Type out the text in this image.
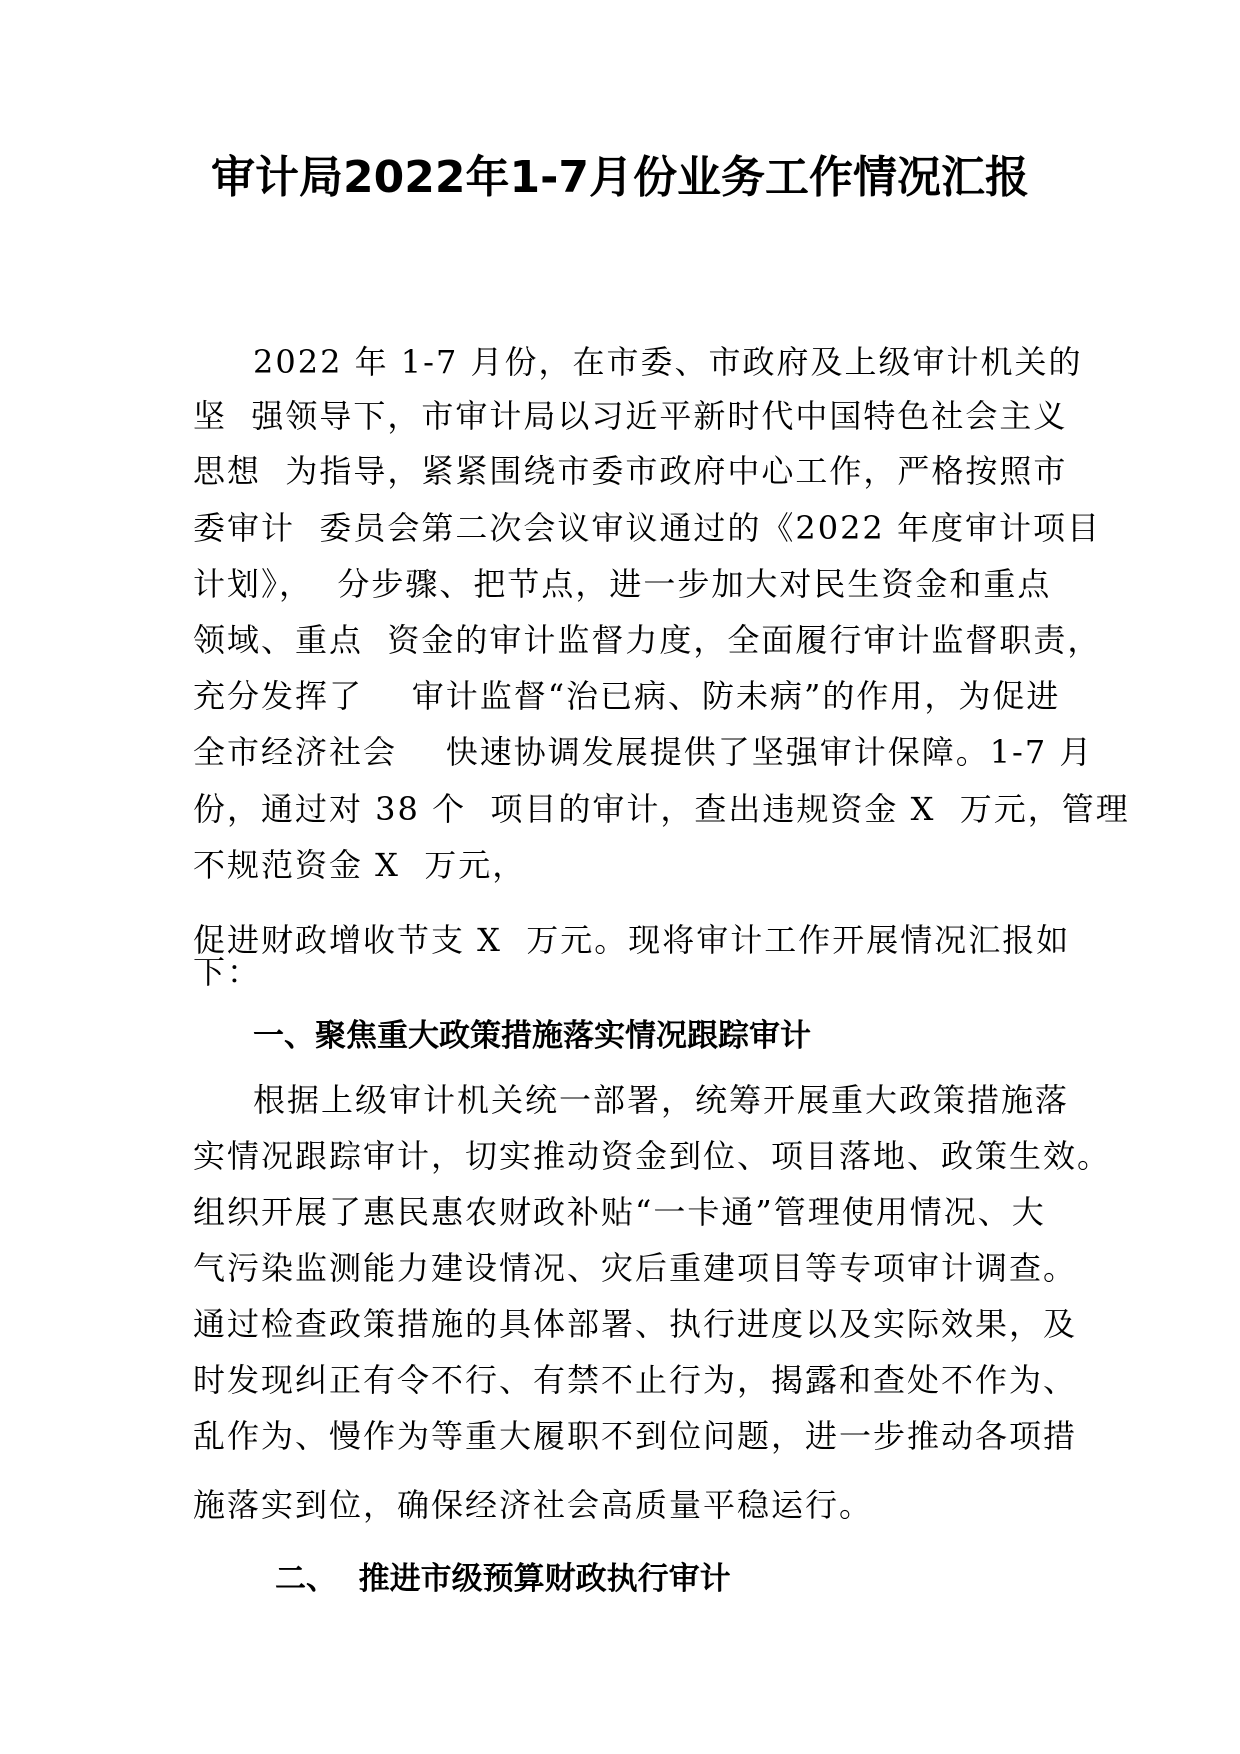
审计局2022年1-7月份业务工作情况汇报
2022 年 1-7 月份，在市委、市政府及上级审计机关的
坚  强领导下，市审计局以习近平新时代中国特色社会主义
思想  为指导，紧紧围绕市委市政府中心工作，严格按照市
委审计  委员会第二次会议审议通过的《2022 年度审计项目
计划》，  分步骤、把节点，进一步加大对民生资金和重点
领域、重点  资金的审计监督力度，全面履行审计监督职责，
充分发挥了    审计监督“治已病、防未病”的作用，为促进
全市经济社会    快速协调发展提供了坚强审计保障。1-7 月
份，通过对 38 个  项目的审计，查出违规资金 X  万元，管理
不规范资金 X  万元，
促进财政增收节支 X  万元。现将审计工作开展情况汇报如
下：
一、聚焦重大政策措施落实情况跟踪审计
根据上级审计机关统一部署，统筹开展重大政策措施落
实情况跟踪审计，切实推动资金到位、项目落地、政策生效。
组织开展了惠民惠农财政补贴“一卡通”管理使用情况、大
气污染监测能力建设情况、灾后重建项目等专项审计调查。
通过检查政策措施的具体部署、执行进度以及实际效果，及
时发现纠正有令不行、有禁不止行为，揭露和查处不作为、
乱作为、慢作为等重大履职不到位问题，进一步推动各项措
施落实到位，确保经济社会高质量平稳运行。
二、  推进市级预算财政执行审计
